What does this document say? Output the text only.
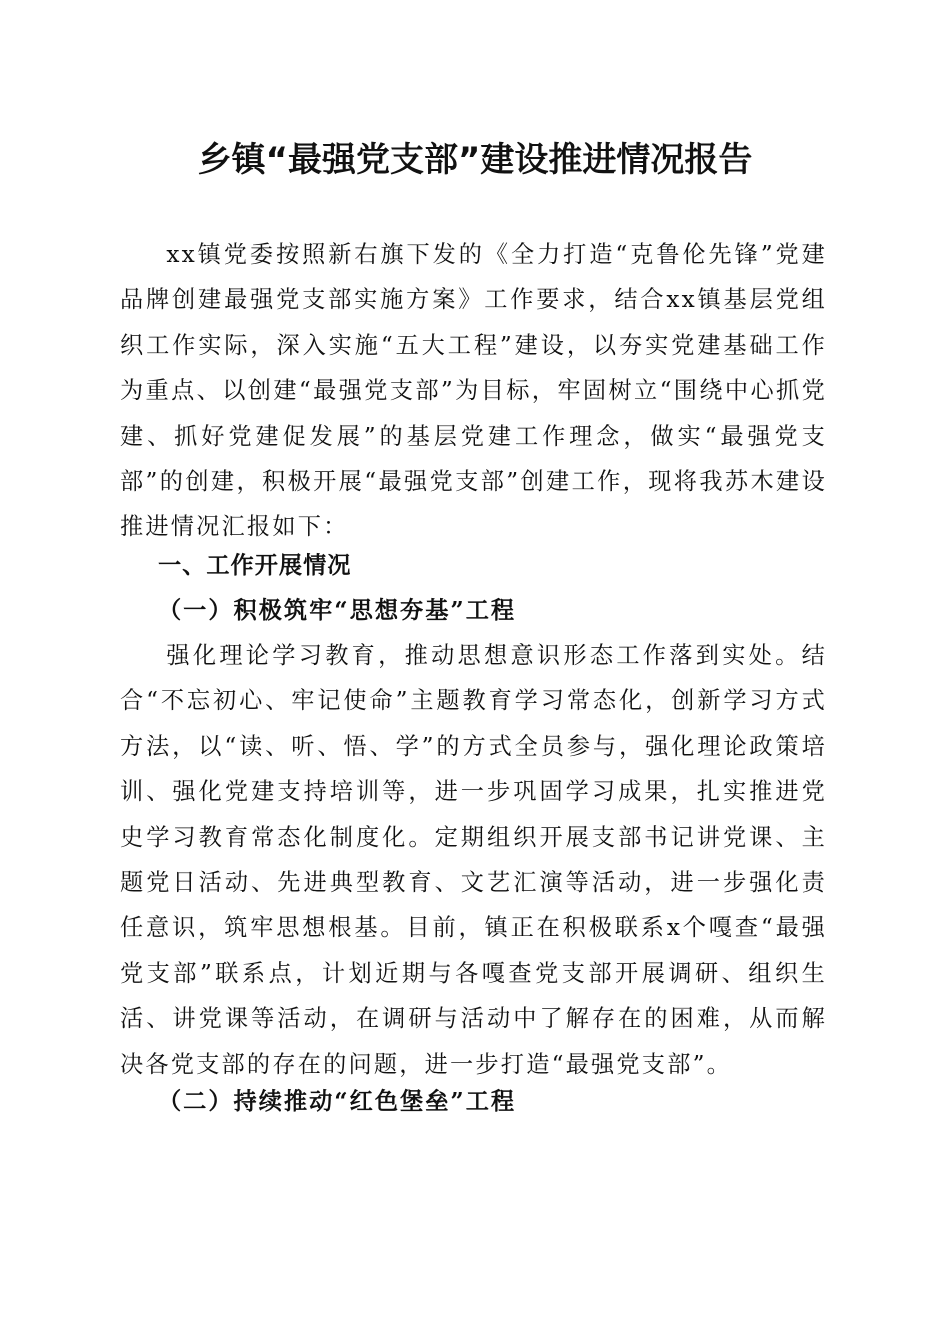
乡镇“最强党支部”建设推进情况报告

xx镇党委按照新右旗下发的《全力打造“克鲁伦先锋”党建品牌创建最强党支部实施方案》工作要求，结合xx镇基层党组织工作实际，深入实施“五大工程”建设，以夯实党建基础工作为重点、以创建“最强党支部”为目标，牢固树立“围绕中心抓党建、抓好党建促发展”的基层党建工作理念，做实“最强党支部”的创建，积极开展“最强党支部”创建工作，现将我苏木建设推进情况汇报如下：

一、工作开展情况
（一）积极筑牢“思想夯基”工程

强化理论学习教育，推动思想意识形态工作落到实处。结合“不忘初心、牢记使命”主题教育学习常态化，创新学习方式方法，以“读、听、悟、学”的方式全员参与，强化理论政策培训、强化党建支持培训等，进一步巩固学习成果，扎实推进党史学习教育常态化制度化。定期组织开展支部书记讲党课、主题党日活动、先进典型教育、文艺汇演等活动，进一步强化责任意识，筑牢思想根基。目前，镇正在积极联系x个嘎查“最强党支部”联系点，计划近期与各嘎查党支部开展调研、组织生活、讲党课等活动，在调研与活动中了解存在的困难，从而解决各党支部的存在的问题，进一步打造“最强党支部”。

（二）持续推动“红色堡垒”工程
